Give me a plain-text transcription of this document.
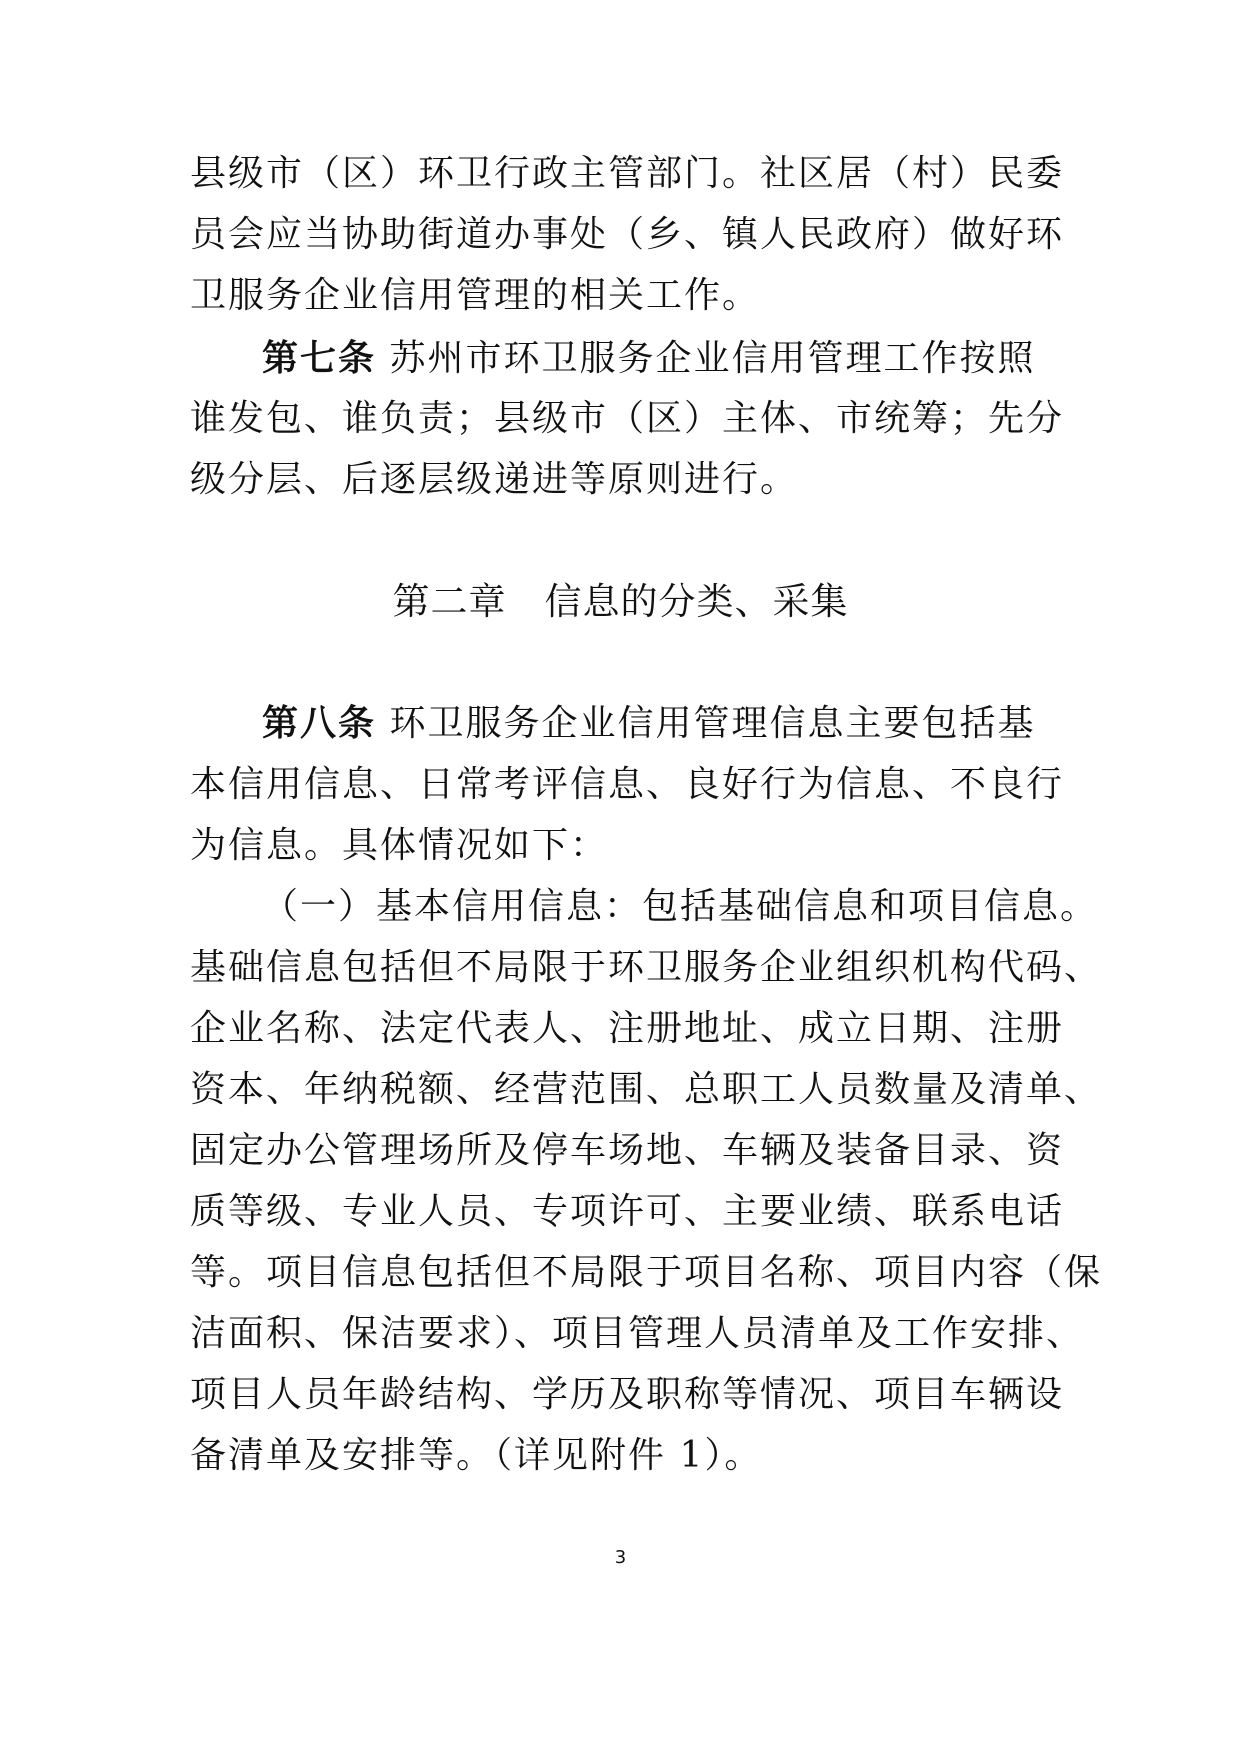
县级市（区）环卫行政主管部门。社区居（村）民委
员会应当协助街道办事处（乡、镇人民政府）做好环
卫服务企业信用管理的相关工作。
第七条 苏州市环卫服务企业信用管理工作按照
谁发包、谁负责；县级市（区）主体、市统筹；先分
级分层、后逐层级递进等原则进行。
第二章　信息的分类、采集
第八条 环卫服务企业信用管理信息主要包括基
本信用信息、日常考评信息、良好行为信息、不良行
为信息。具体情况如下：
（一）基本信用信息：包括基础信息和项目信息。
基础信息包括但不局限于环卫服务企业组织机构代码、
企业名称、法定代表人、注册地址、成立日期、注册
资本、年纳税额、经营范围、总职工人员数量及清单、
固定办公管理场所及停车场地、车辆及装备目录、资
质等级、专业人员、专项许可、主要业绩、联系电话
等。项目信息包括但不局限于项目名称、项目内容（保
洁面积、保洁要求）、项目管理人员清单及工作安排、
项目人员年龄结构、学历及职称等情况、项目车辆设
备清单及安排等。（详见附件 1）。
3
